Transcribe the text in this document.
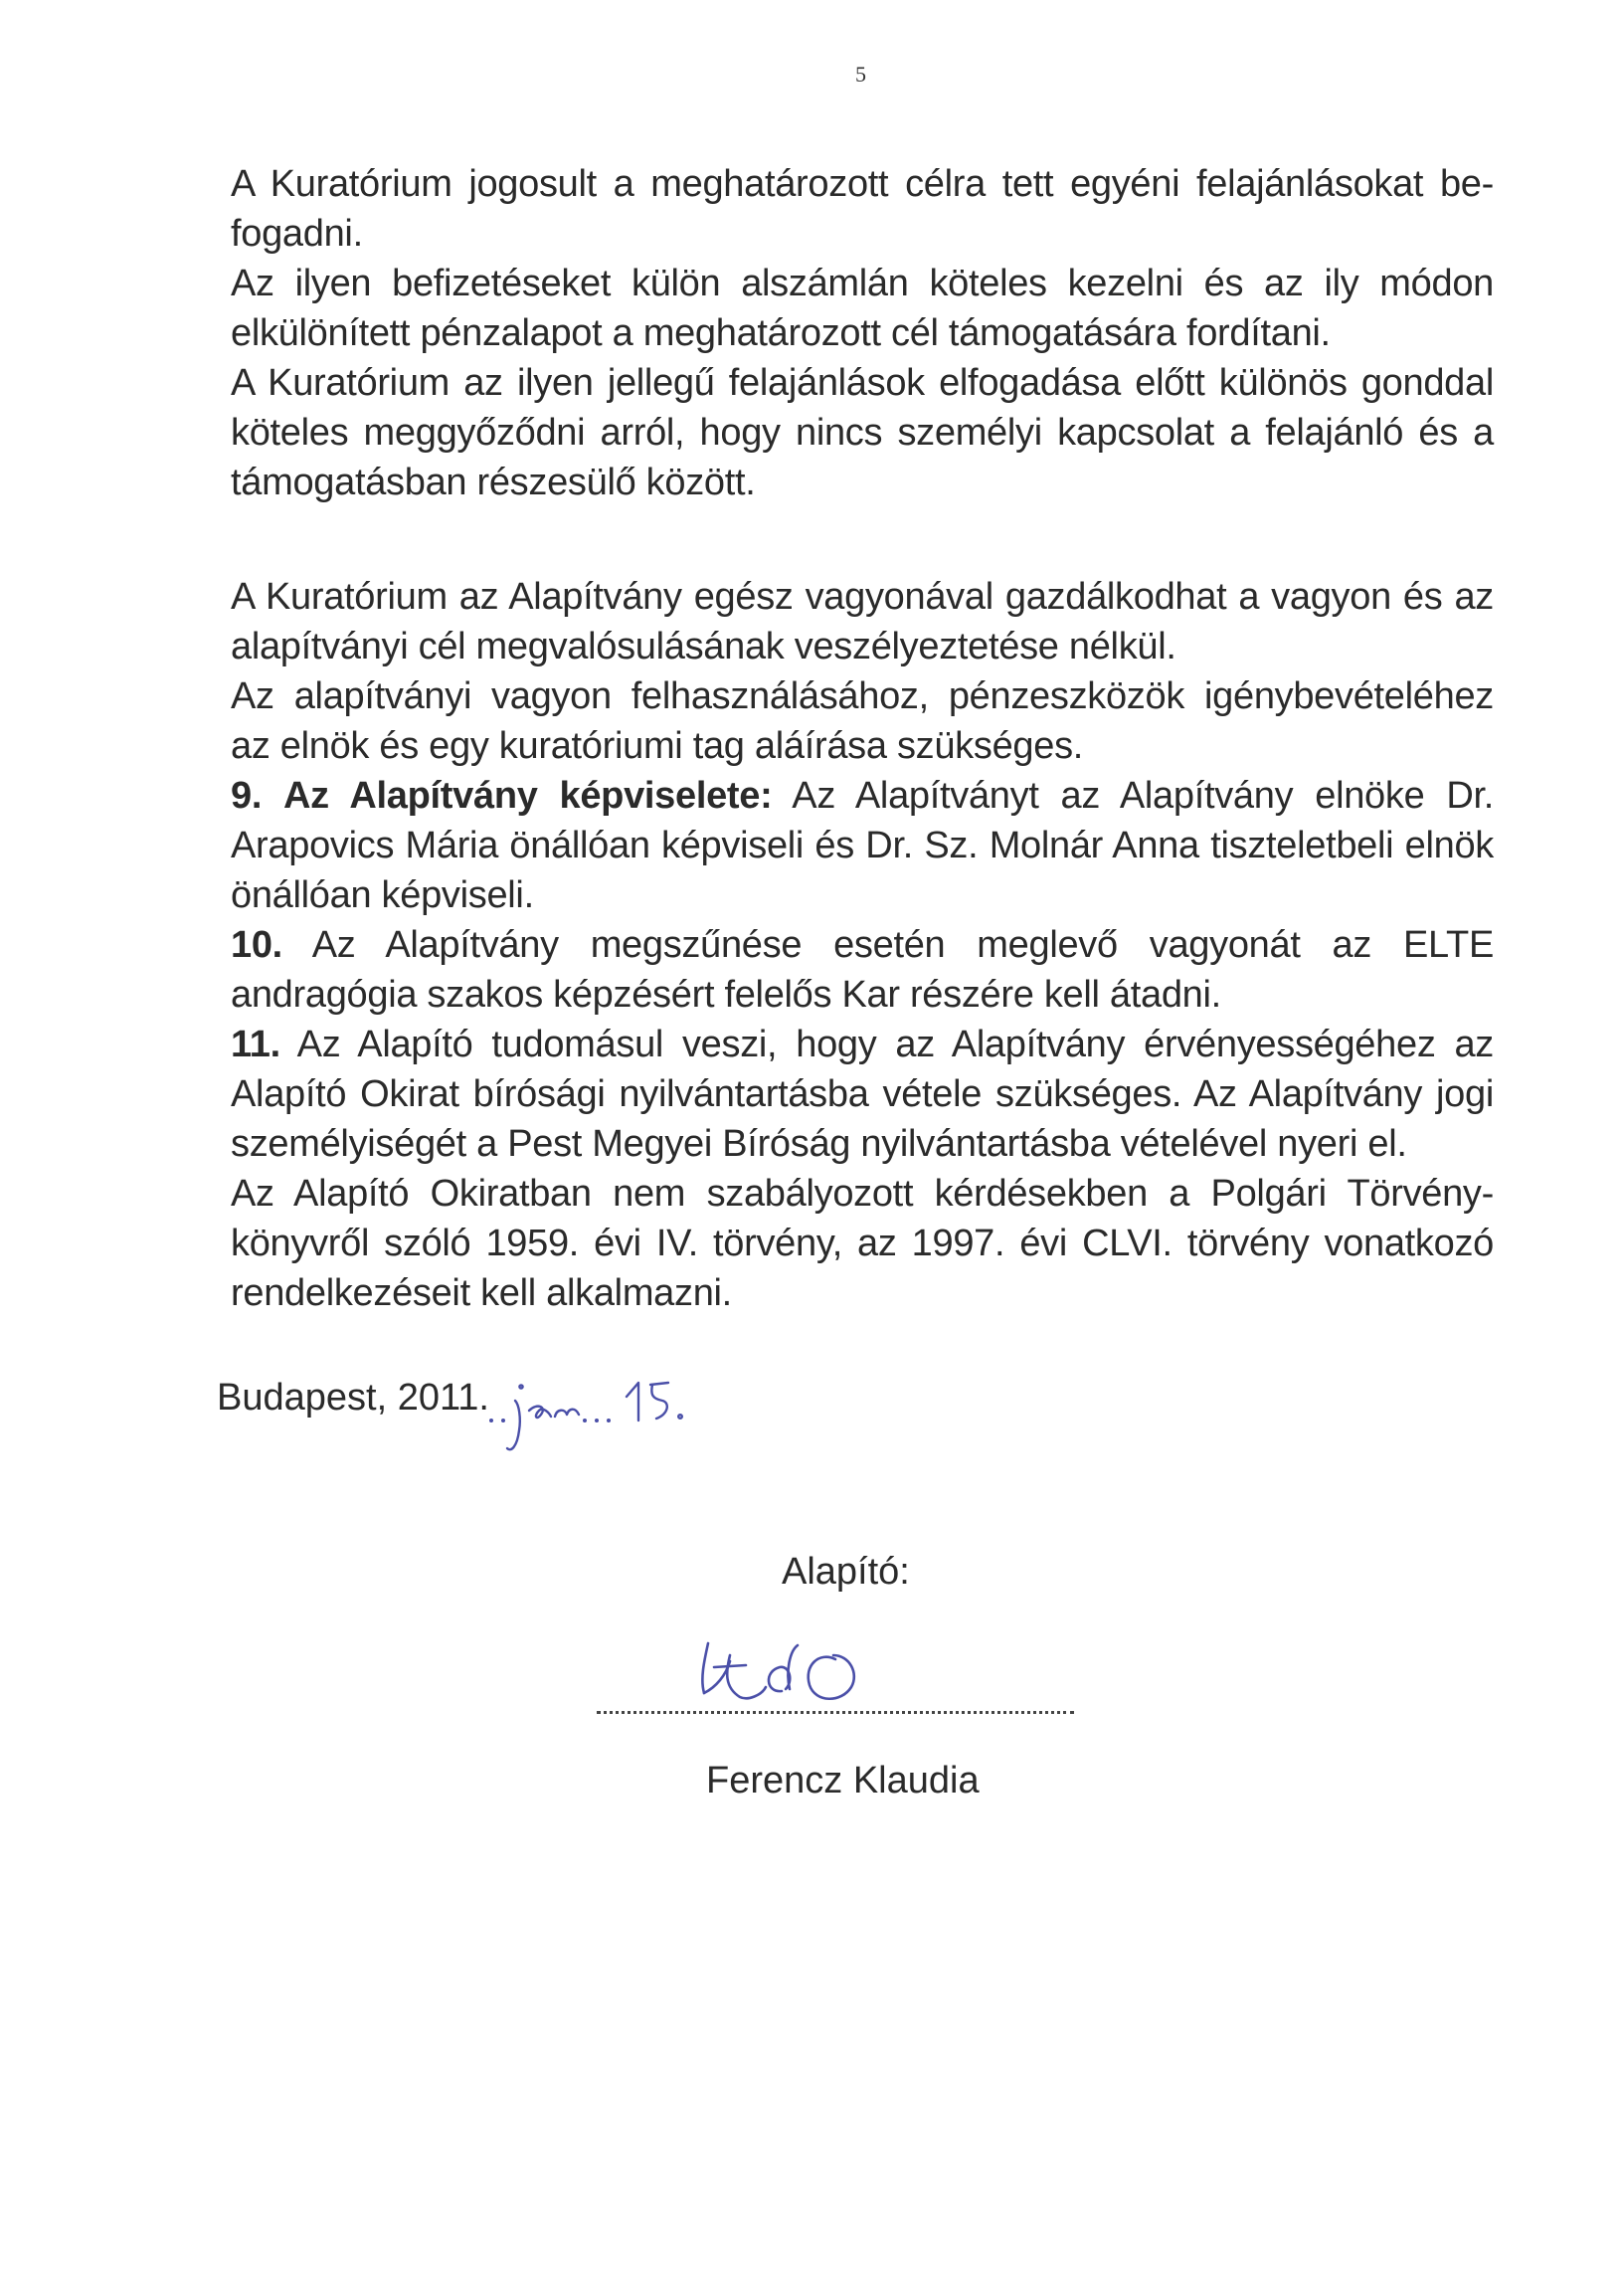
5

A Kuratórium jogosult a meghatározott célra tett egyéni felajánlásokat be-fogadni.

Az ilyen befizetéseket külön alszámlán köteles kezelni és az ily módon elkülönített pénzalapot a meghatározott cél támogatására fordítani.

A Kuratórium az ilyen jellegű felajánlások elfogadása előtt különös gonddal köteles meggyőződni arról, hogy nincs személyi kapcsolat a felajánló és a támogatásban részesülő között.

A Kuratórium az Alapítvány egész vagyonával gazdálkodhat a vagyon és az alapítványi cél megvalósulásának veszélyeztetése nélkül.

Az alapítványi vagyon felhasználásához, pénzeszközök igénybevételéhez az elnök és egy kuratóriumi tag aláírása szükséges.

9. Az Alapítvány képviselete: Az Alapítványt az Alapítvány elnöke Dr. Arapovics Mária önállóan képviseli és Dr. Sz. Molnár Anna tiszteletbeli elnök önállóan képviseli.

10. Az Alapítvány megszűnése esetén meglevő vagyonát az ELTE andragógia szakos képzésért felelős Kar részére kell átadni.

11. Az Alapító tudomásul veszi, hogy az Alapítvány érvényességéhez az Alapító Okirat bírósági nyilvántartásba vétele szükséges. Az Alapítvány jogi személyiségét a Pest Megyei Bíróság nyilvántartásba vételével nyeri el.

Az Alapító Okiratban nem szabályozott kérdésekben a Polgári Törvény-könyvről szóló 1959. évi IV. törvény, az 1997. évi CLVI. törvény vonatkozó rendelkezéseit kell alkalmazni.

Budapest, 2011.
jan. 15.
Alapító:
Ferencz Klaudia
Ferencz Klaudia
